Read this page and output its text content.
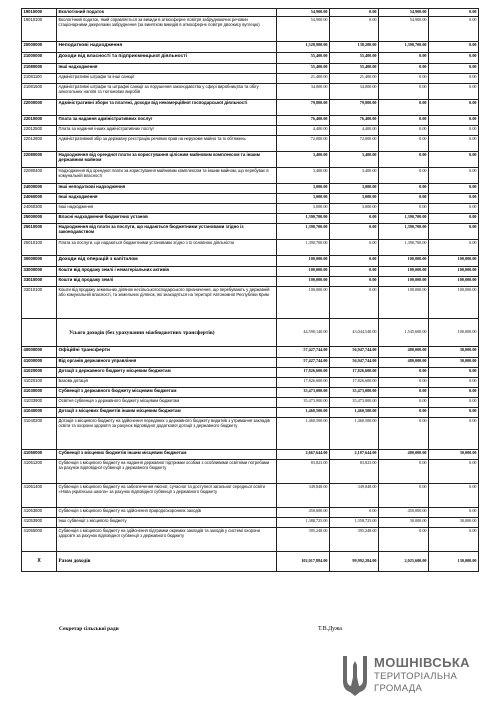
19010000	Екологічний податок	54,900.00	0.00	54,900.00	0.00
19010100	Екологічний податок, який справляється за викиди в атмосферне повітря забруднюючих речовин стаціонарними джерелами забруднення (за винятком викидів в атмосферне повітря двоокису вуглецю)	54,900.00	0.00	54,900.00	0.00
20000000	Неподаткові надходження	1,528,900.00	138,200.00	1,390,700.00	0.00
21000000	Доходи від власності та підприємницької діяльності	55,400.00	55,400.00	0.00	0.00
21080000	Інші надходження	55,400.00	55,400.00	0.00	0.00
21081100	Адміністративні штрафи та інші санкції	21,400.00	21,400.00	0.00	0.00
21081500	Адміністративні штрафи та штрафні санкції за порушення законодавства у сфері виробництва та обігу алкогольних напоїв та тютюнових виробів	34,000.00	34,000.00	0.00	0.00
22000000	Адміністративні збори та платежі, доходи від некомерційної господарської діяльності	79,800.00	79,800.00	0.00	0.00
22010000	Плата за надання адміністративних послуг	76,400.00	76,400.00	0.00	0.00
22012500	Плата за надання інших адміністративних послуг	4,400.00	4,400.00	0.00	0.00
22012600	Адміністративний збір за державну реєстрацію речових прав на нерухоме майно та їх обтяжень	72,000.00	72,000.00	0.00	0.00
22080000	Надходження від орендної плати за користування цілісним майновим комплексом та іншим державним майном	3,400.00	3,400.00	0.00	0.00
22080400	Надходження від орендної плати за користування майновим комплексом та іншим майном, що перебуває в комунальній власності	3,400.00	3,400.00	0.00	0.00
24000000	Інші неподаткові надходження	3,000.00	3,000.00	0.00	0.00
24060000	Інші надходження	3,000.00	3,000.00	0.00	0.00
24060300	Інші надходження	3,000.00	3,000.00	0.00	0.00
25000000	Власні надходження бюджетних установ	1,390,700.00	0.00	1,390,700.00	0.00
25010000	Надходження від плати за послуги, що надаються бюджетними установами згідно із законодавством	1,390,700.00	0.00	1,390,700.00	0.00
25010100	Плата за послуги, що надаються бюджетними установами згідно з їх основною діяльністю	1,390,700.00	0.00	1,390,700.00	0.00
30000000	Доходи від операцій з капіталом	100,000.00	0.00	100,000.00	100,000.00
33000000	Кошти від продажу землі і нематеріальних активів	100,000.00	0.00	100,000.00	100,000.00
33010000	Кошти від продажу землі	100,000.00	0.00	100,000.00	100,000.00
33010100	Кошти від продажу земельних ділянок несільськогосподарського призначення, що перебувають у державній або комунальній власності, та земельних ділянок, які знаходяться на території Автономної Республіки Крим	100,000.00	0.00	100,000.00	100,000.00
	Усього доходів (без урахування міжбюджетних трансфертів)	44,590,140.00	43,044,540.00	1,545,600.00	100,000.00
40000000	Офіційні трансферти	57,427,744.00	56,947,744.00	480,000.00	30,000.00
41000000	Від органів державного управління	57,427,744.00	56,947,744.00	480,000.00	30,000.00
41020000	Дотації з державного бюджету місцевим бюджетам	17,826,600.00	17,826,600.00	0.00	0.00
41020100	Базова дотація	17,826,600.00	17,826,600.00	0.00	0.00
41030000	Субвенції з державного бюджету місцевим бюджетам	35,473,000.00	35,473,000.00	0.00	0.00
41033900	Освітня субвенція з державного бюджету місцевим бюджетам	35,473,000.00	35,473,000.00	0.00	0.00
41040000	Дотації з місцевих бюджетів іншим місцевим бюджетам	1,460,500.00	1,460,500.00	0.00	0.00
41040200	Дотація з місцевого бюджету на здійснення переданих з державного бюджету видатків з утримання закладів освіти та охорони здоров’я за рахунок відповідної додаткової дотації з державного бюджету	1,460,500.00	1,460,500.00	0.00	0.00
41050000	Субвенції з місцевих бюджетів іншим місцевим бюджетам	2,667,644.00	2,187,644.00	480,000.00	30,000.00
41051200	Субвенція з місцевого бюджету на надання державної підтримки особам з особливими освітніми потребами за рахунок відповідної субвенції з державного бюджету	83,823.00	83,823.00	0.00	0.00
41051400	Субвенція з місцевого бюджету на забезпечення якісної, сучасної та доступної загальної середньої освіти «Нова українська школа» за рахунок відповідної субвенції з державного бюджету	349,848.00	349,848.00	0.00	0.00
41053600	Субвенція з місцевого бюджету на здійснення природоохоронних заходів	450,000.00	0.00	450,000.00	0.00
41053900	Інші субвенції з місцевого бюджету	1,388,725.00	1,358,725.00	30,000.00	30,000.00
41055000	Субвенція з місцевого бюджету на здійснення підтримки окремих закладів та заходів у системі охорони здоров’я за рахунок відповідної субвенції з державного бюджету	395,248.00	395,248.00	0.00	0.00
X	Разом доходів	102,017,884.00	99,992,284.00	2,025,600.00	130,000.00
Секретар сільської ради	Т.В.Дужа
МОШНІВСЬКА
ТЕРИТОРІАЛЬНА
ГРОМАДА
